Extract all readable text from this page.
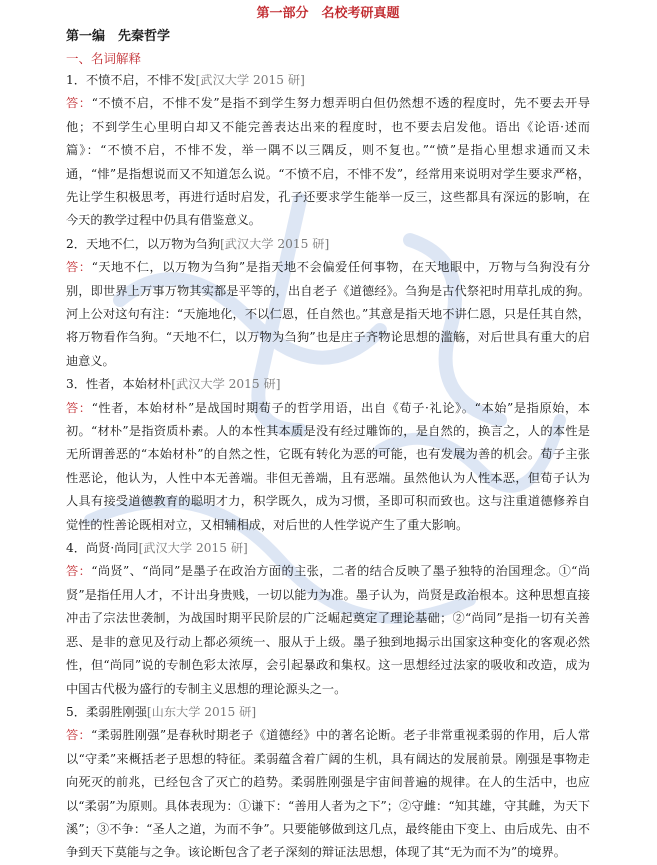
第一部分　名校考研真题
第一编　先秦哲学
一、名词解释
1．不愤不启，不悱不发[武汉大学 2015 研]
答：“不愤不启，不悱不发”是指不到学生努力想弄明白但仍然想不透的程度时，先不要去开导他；不到学生心里明白却又不能完善表达出来的程度时，也不要去启发他。语出《论语·述而篇》：“不愤不启，不悱不发，举一隅不以三隅反，则不复也。”“愤”是指心里想求通而又未通，“悱”是指想说而又不知道怎么说。“不愤不启，不悱不发”，经常用来说明对学生要求严格，先让学生积极思考，再进行适时启发，孔子还要求学生能举一反三，这些都具有深远的影响，在今天的教学过程中仍具有借鉴意义。
2．天地不仁，以万物为刍狗[武汉大学 2015 研]
答：“天地不仁，以万物为刍狗”是指天地不会偏爱任何事物，在天地眼中，万物与刍狗没有分别，即世界上万事万物其实都是平等的，出自老子《道德经》。刍狗是古代祭祀时用草扎成的狗。河上公对这句有注：“天施地化，不以仁恩，任自然也。”其意是指天地不讲仁恩，只是任其自然，将万物看作刍狗。“天地不仁，以万物为刍狗”也是庄子齐物论思想的滥觞，对后世具有重大的启迪意义。
3．性者，本始材朴[武汉大学 2015 研]
答：“性者，本始材朴”是战国时期荀子的哲学用语，出自《荀子·礼论》。“本始”是指原始，本初。“材朴”是指资质朴素。人的本性其本质是没有经过雕饰的，是自然的，换言之，人的本性是无所谓善恶的“本始材朴”的自然之性，它既有转化为恶的可能，也有发展为善的机会。荀子主张性恶论，他认为，人性中本无善端。非但无善端，且有恶端。虽然他认为人性本恶，但荀子认为人具有接受道德教育的聪明才力，积学既久，成为习惯，圣即可积而致也。这与注重道德修养自觉性的性善论既相对立，又相辅相成，对后世的人性学说产生了重大影响。
4．尚贤·尚同[武汉大学 2015 研]
答：“尚贤”、“尚同”是墨子在政治方面的主张，二者的结合反映了墨子独特的治国理念。①“尚贤”是指任用人才，不计出身贵贱，一切以能力为准。墨子认为，尚贤是政治根本。这种思想直接冲击了宗法世袭制，为战国时期平民阶层的广泛崛起奠定了理论基础；②“尚同”是指一切有关善恶、是非的意见及行动上都必须统一、服从于上级。墨子独到地揭示出国家这种变化的客观必然性，但“尚同”说的专制色彩太浓厚，会引起暴政和集权。这一思想经过法家的吸收和改造，成为中国古代极为盛行的专制主义思想的理论源头之一。
5．柔弱胜刚强[山东大学 2015 研]
答：“柔弱胜刚强”是春秋时期老子《道德经》中的著名论断。老子非常重视柔弱的作用，后人常以“守柔”来概括老子思想的特征。柔弱蕴含着广阔的生机，具有阔达的发展前景。刚强是事物走向死灭的前兆，已经包含了灭亡的趋势。柔弱胜刚强是宇宙间普遍的规律。在人的生活中，也应以“柔弱”为原则。具体表现为：①谦下：“善用人者为之下”；②守雌：“知其雄，守其雌，为天下溪”；③不争：“圣人之道，为而不争”。只要能够做到这几点，最终能由下变上、由后成先、由不争到天下莫能与之争。该论断包含了老子深刻的辩证法思想，体现了其“无为而不为”的境界。
